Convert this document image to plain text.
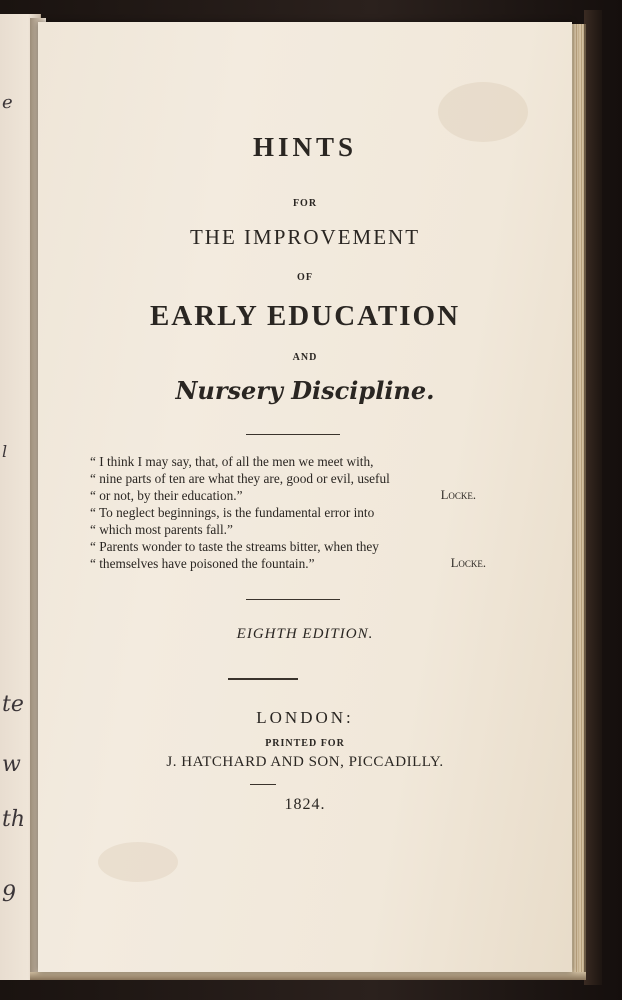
e
l
te
w
th
9
HINTS
FOR
THE IMPROVEMENT
OF
EARLY EDUCATION
AND
Nursery Discipline.
“ I think I may say, that, of all the men we meet with,
“ nine parts of ten are what they are, good or evil, useful
“ or not, by their education.”	Locke.
“ To neglect beginnings, is the fundamental error into
“ which most parents fall.”
“ Parents wonder to taste the streams bitter, when they
“ themselves have poisoned the fountain.”	Locke.
EIGHTH EDITION.
LONDON:
PRINTED FOR
J. HATCHARD AND SON, PICCADILLY.
1824.
